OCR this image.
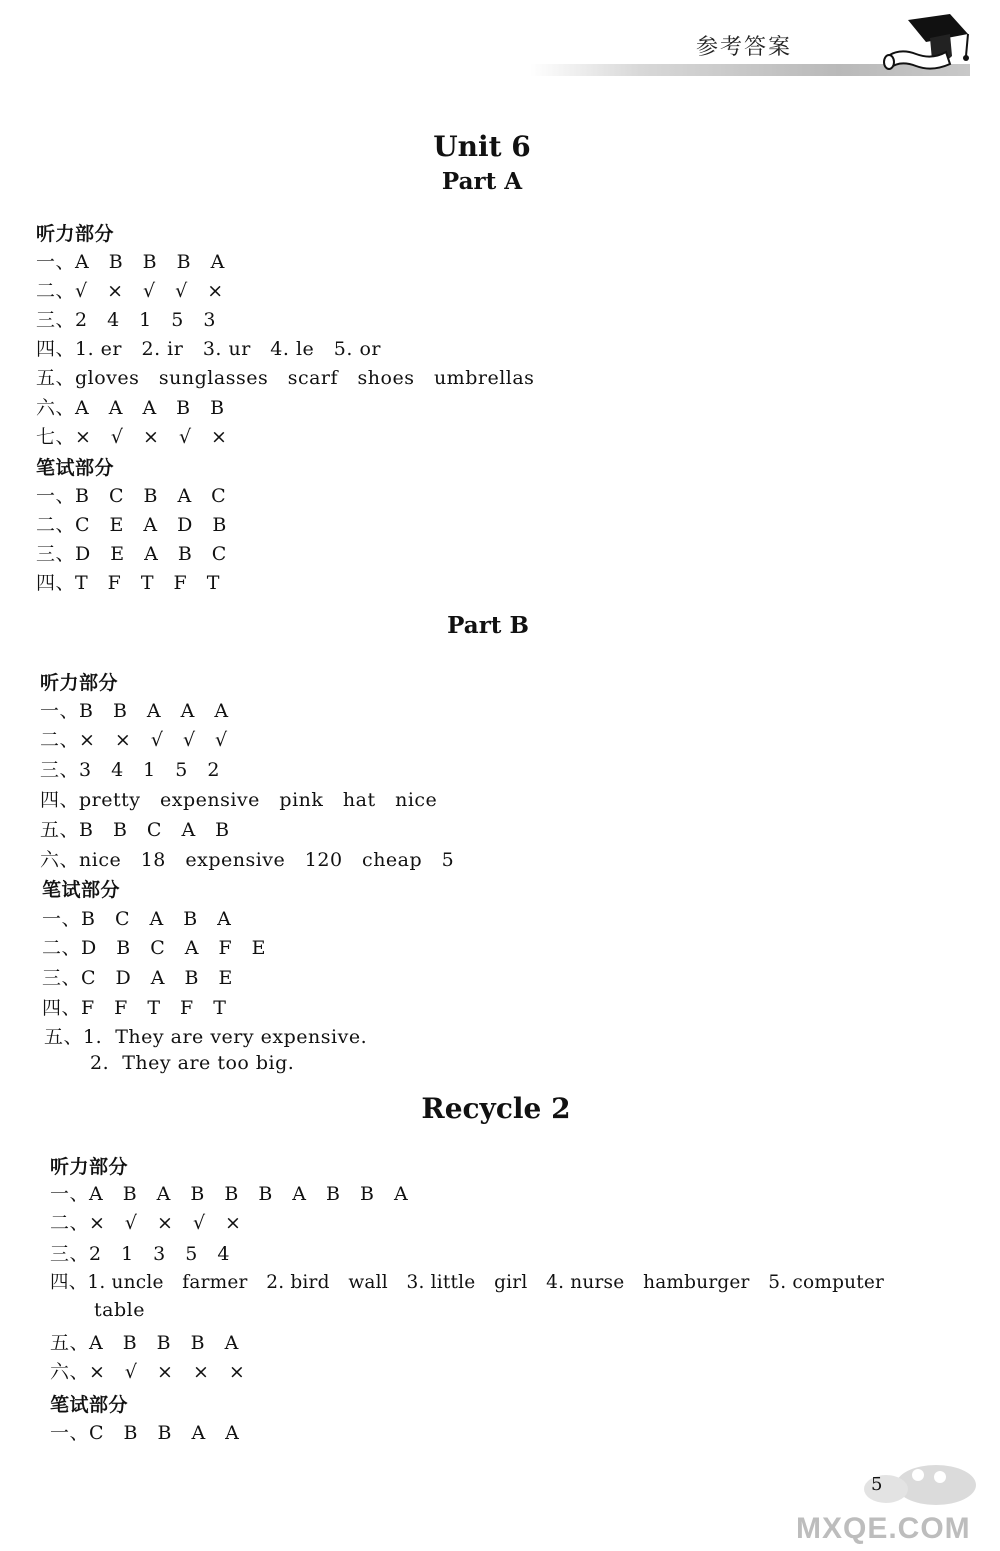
参考答案
Unit 6
Part A
听力部分
一、A　B　B　B　A
二、√　×　√　√　×
三、2　4　1　5　3
四、1. er　2. ir　3. ur　4. le　5. or
五、gloves　sunglasses　scarf　shoes　umbrellas
六、A　A　A　B　B
七、×　√　×　√　×
笔试部分
一、B　C　B　A　C
二、C　E　A　D　B
三、D　E　A　B　C
四、T　F　T　F　T
Part B
听力部分
一、B　B　A　A　A
二、×　×　√　√　√
三、3　4　1　5　2
四、pretty　expensive　pink　hat　nice
五、B　B　C　A　B
六、nice　18　expensive　120　cheap　5
笔试部分
一、B　C　A　B　A
二、D　B　C　A　F　E
三、C　D　A　B　E
四、F　F　T　F　T
五、1.  They are very expensive.
2.  They are too big.
Recycle 2
听力部分
一、A　B　A　B　B　B　A　B　B　A
二、×　√　×　√　×
三、2　1　3　5　4
四、1. uncle　farmer　2. bird　wall　3. little　girl　4. nurse　hamburger　5. computer
table
五、A　B　B　B　A
六、×　√　×　×　×
笔试部分
一、C　B　B　A　A
5
MXQE.COM
